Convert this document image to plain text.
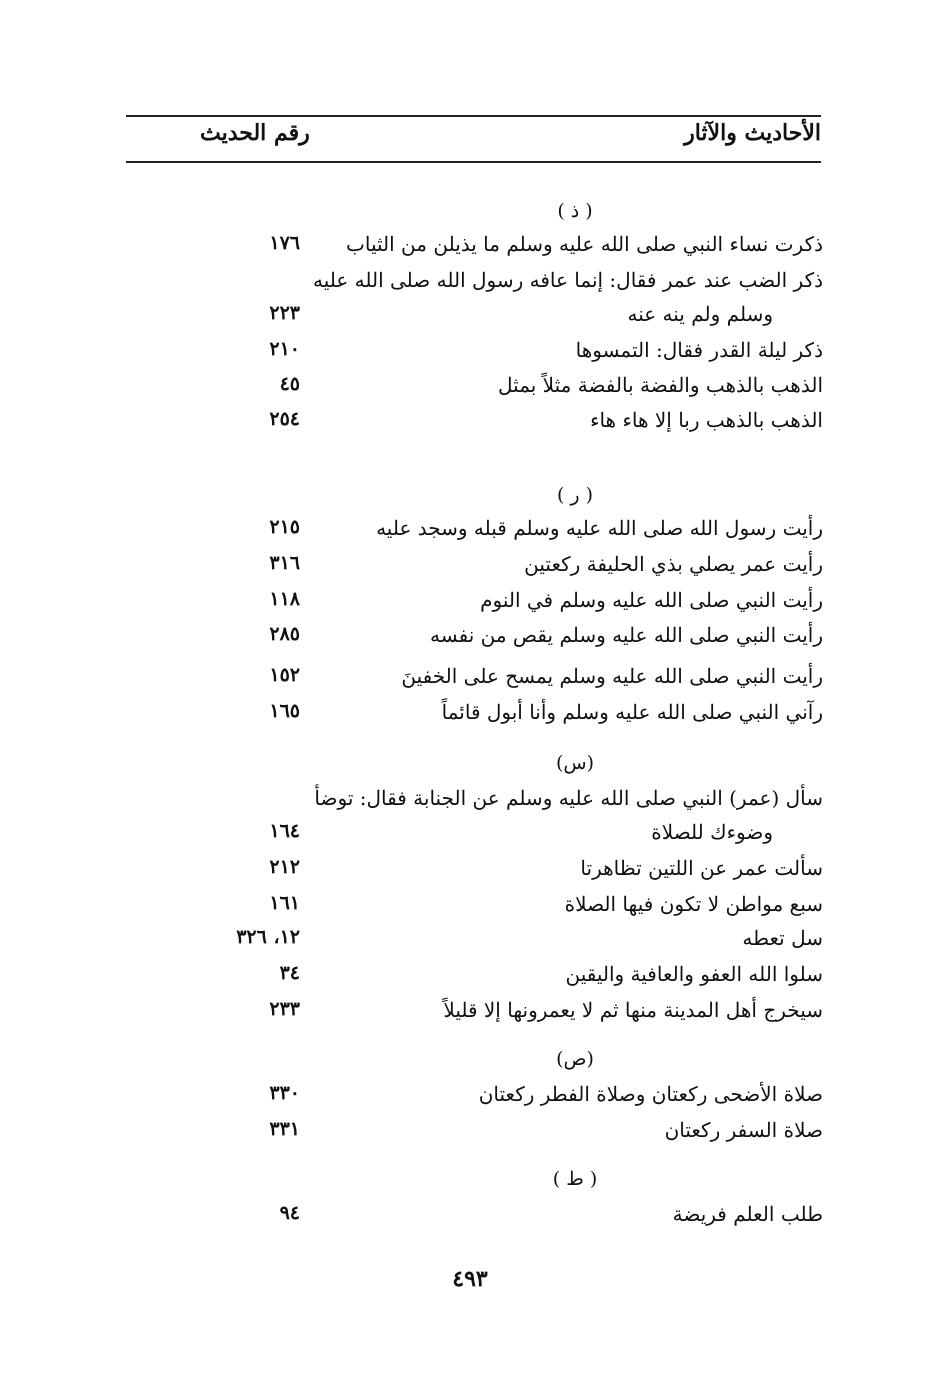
الأحاديث والآثار
رقم الحديث
( ذ )
ذكرت نساء النبي صلى الله عليه وسلم ما يذيلن من الثياب
١٧٦
ذكر الضب عند عمر فقال: إنما عافه رسول الله صلى الله عليه
وسلم ولم ينه عنه
٢٢٣
ذكر ليلة القدر فقال: التمسوها
٢١٠
الذهب بالذهب والفضة بالفضة مثلاً بمثل
٤٥
الذهب بالذهب ربا إلا هاء هاء
٢٥٤
( ر )
رأيت رسول الله صلى الله عليه وسلم قبله وسجد عليه
٢١٥
رأيت عمر يصلي بذي الحليفة ركعتين
٣١٦
رأيت النبي صلى الله عليه وسلم في النوم
١١٨
رأيت النبي صلى الله عليه وسلم يقص من نفسه
٢٨٥
رأيت النبي صلى الله عليه وسلم يمسح على الخفينَ
١٥٢
رآني النبي صلى الله عليه وسلم وأنا أبول قائماً
١٦٥
(س)
سأل (عمر) النبي صلى الله عليه وسلم عن الجنابة فقال: توضأ
وضوءك للصلاة
١٦٤
سألت عمر عن اللتين تظاهرتا
٢١٢
سبع مواطن لا تكون فيها الصلاة
١٦١
سل تعطه
١٢، ٣٢٦
سلوا الله العفو والعافية واليقين
٣٤
سيخرج أهل المدينة منها ثم لا يعمرونها إلا قليلاً
٢٣٣
(ص)
صلاة الأضحى ركعتان وصلاة الفطر ركعتان
٣٣٠
صلاة السفر ركعتان
٣٣١
( ط )
طلب العلم فريضة
٩٤
٤٩٣
